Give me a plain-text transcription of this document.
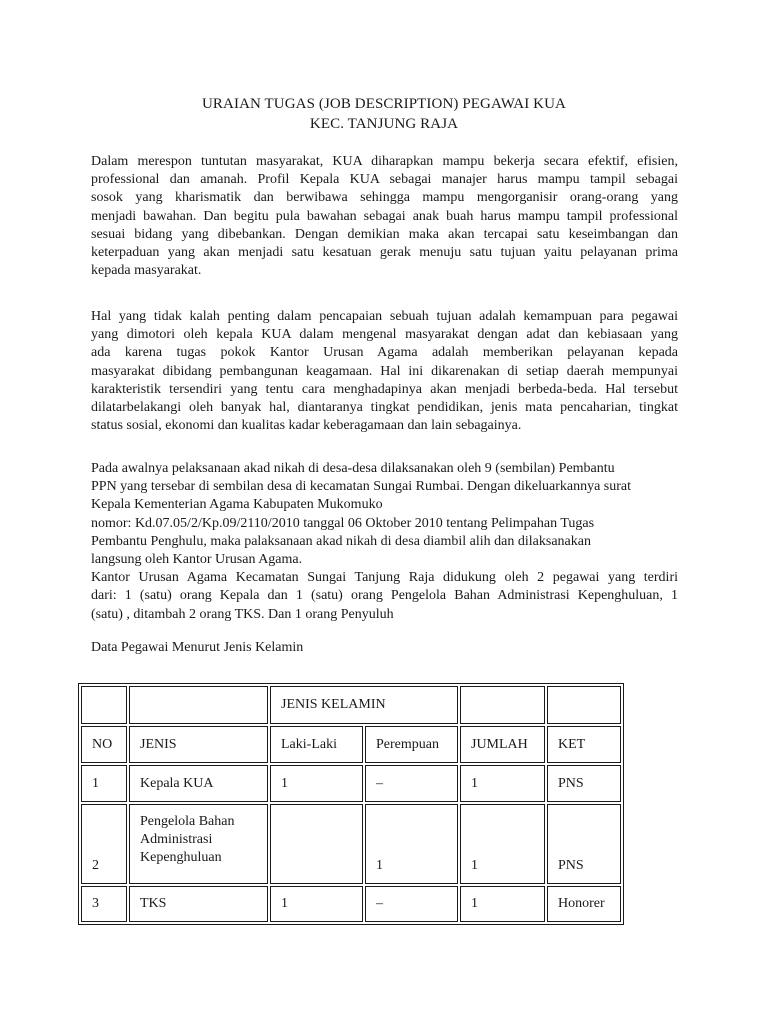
URAIAN TUGAS (JOB DESCRIPTION) PEGAWAI KUA
KEC. TANJUNG RAJA
Dalam merespon tuntutan masyarakat, KUA diharapkan mampu bekerja secara efektif, efisien,
professional dan amanah. Profil Kepala KUA sebagai manajer harus mampu tampil sebagai
sosok yang kharismatik dan berwibawa sehingga mampu mengorganisir orang-orang yang
menjadi bawahan. Dan begitu pula bawahan sebagai anak buah harus mampu tampil professional
sesuai bidang yang dibebankan. Dengan demikian maka akan tercapai satu keseimbangan dan
keterpaduan yang akan menjadi satu kesatuan gerak menuju satu tujuan yaitu pelayanan prima
kepada masyarakat.
Hal yang tidak kalah penting dalam pencapaian sebuah tujuan adalah kemampuan para pegawai
yang dimotori oleh kepala KUA dalam mengenal masyarakat dengan adat dan kebiasaan yang
ada karena tugas pokok Kantor Urusan Agama adalah memberikan pelayanan kepada
masyarakat dibidang pembangunan keagamaan. Hal ini dikarenakan di setiap daerah mempunyai
karakteristik tersendiri yang tentu cara menghadapinya akan menjadi berbeda-beda. Hal tersebut
dilatarbelakangi oleh banyak hal, diantaranya tingkat pendidikan, jenis mata pencaharian, tingkat
status sosial, ekonomi dan kualitas kadar keberagamaan dan lain sebagainya.
Pada awalnya pelaksanaan akad nikah di desa-desa dilaksanakan oleh 9 (sembilan) Pembantu
PPN yang tersebar di sembilan desa di kecamatan Sungai Rumbai. Dengan dikeluarkannya surat
Kepala Kementerian Agama Kabupaten Mukomuko
nomor: Kd.07.05/2/Kp.09/2110/2010 tanggal 06 Oktober 2010 tentang Pelimpahan Tugas
Pembantu Penghulu, maka palaksanaan akad nikah di desa diambil alih dan dilaksanakan
langsung oleh Kantor Urusan Agama.
Kantor Urusan Agama Kecamatan Sungai Tanjung Raja didukung oleh 2 pegawai yang terdiri
dari: 1 (satu) orang Kepala dan 1 (satu) orang Pengelola Bahan Administrasi Kepenghuluan, 1
(satu) , ditambah 2 orang TKS. Dan 1 orang Penyuluh
Data Pegawai Menurut Jenis Kelamin
		JENIS KELAMIN			
NO	JENIS	Laki-Laki	Perempuan	JUMLAH	KET
1	Kepala KUA	1	–	1	PNS
2	Pengelola Bahan
Administrasi
Kepenghuluan		1	1	PNS
3	TKS	1	–	1	Honorer
